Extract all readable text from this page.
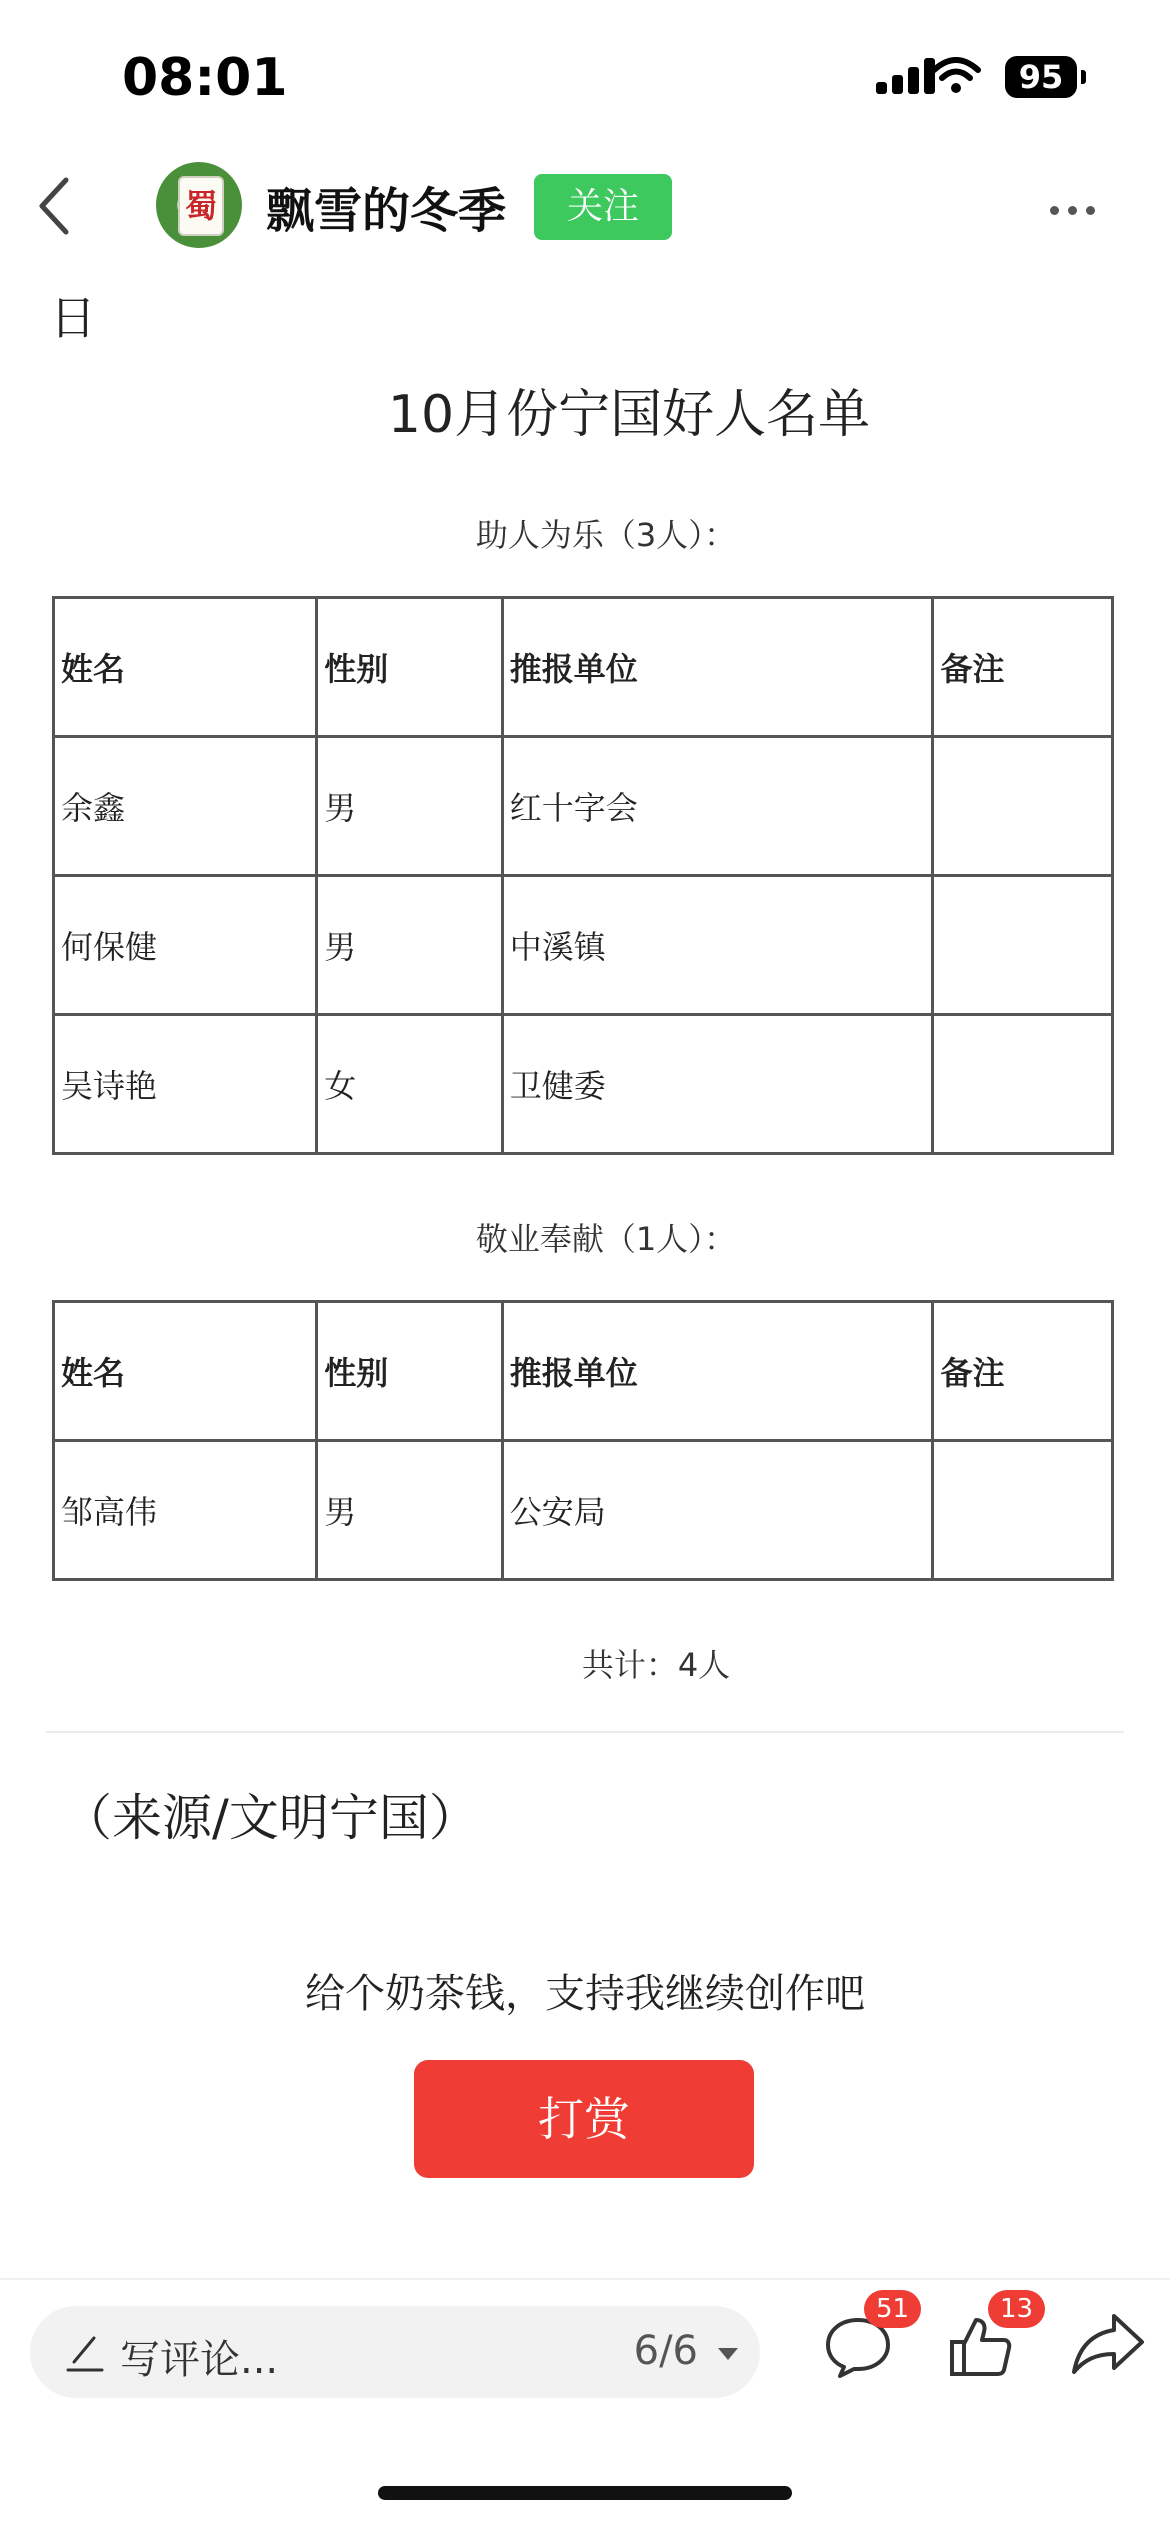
08:01	95
蜀 飘雪的冬季	关注
日
10月份宁国好人名单
助人为乐（3人）：
姓名	性别	推报单位	备注
余鑫	男	红十字会	
何保健	男	中溪镇	
吴诗艳	女	卫健委	
敬业奉献（1人）：
姓名	性别	推报单位	备注
邹高伟	男	公安局	
共计：4人
（来源/文明宁国）
给个奶茶钱，支持我继续创作吧
打赏
写评论...	6/6
51	13
